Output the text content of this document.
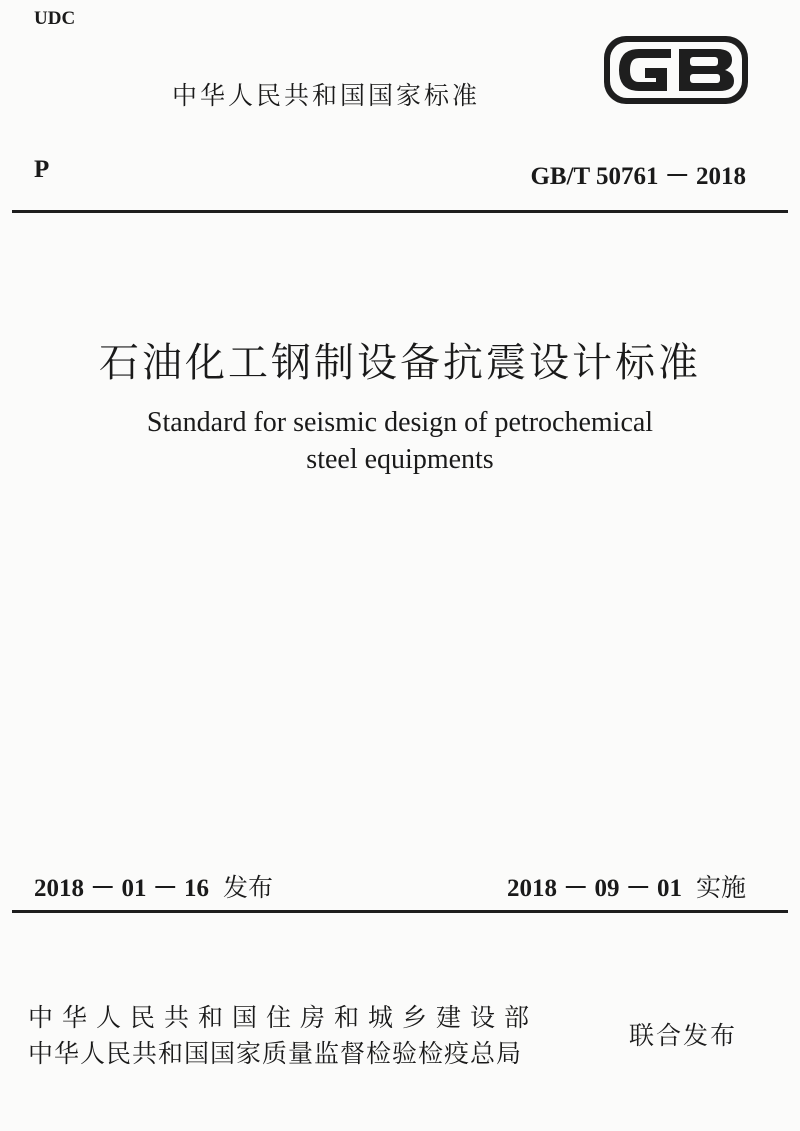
UDC
中华人民共和国国家标准
P	GB/T 50761 － 2018
石油化工钢制设备抗震设计标准
Standard for seismic design of petrochemical
steel equipments
2018 － 01 － 16 发布	2018 － 09 － 01 实施
中华人民共和国住房和城乡建设部
中华人民共和国国家质量监督检验检疫总局
联合发布
